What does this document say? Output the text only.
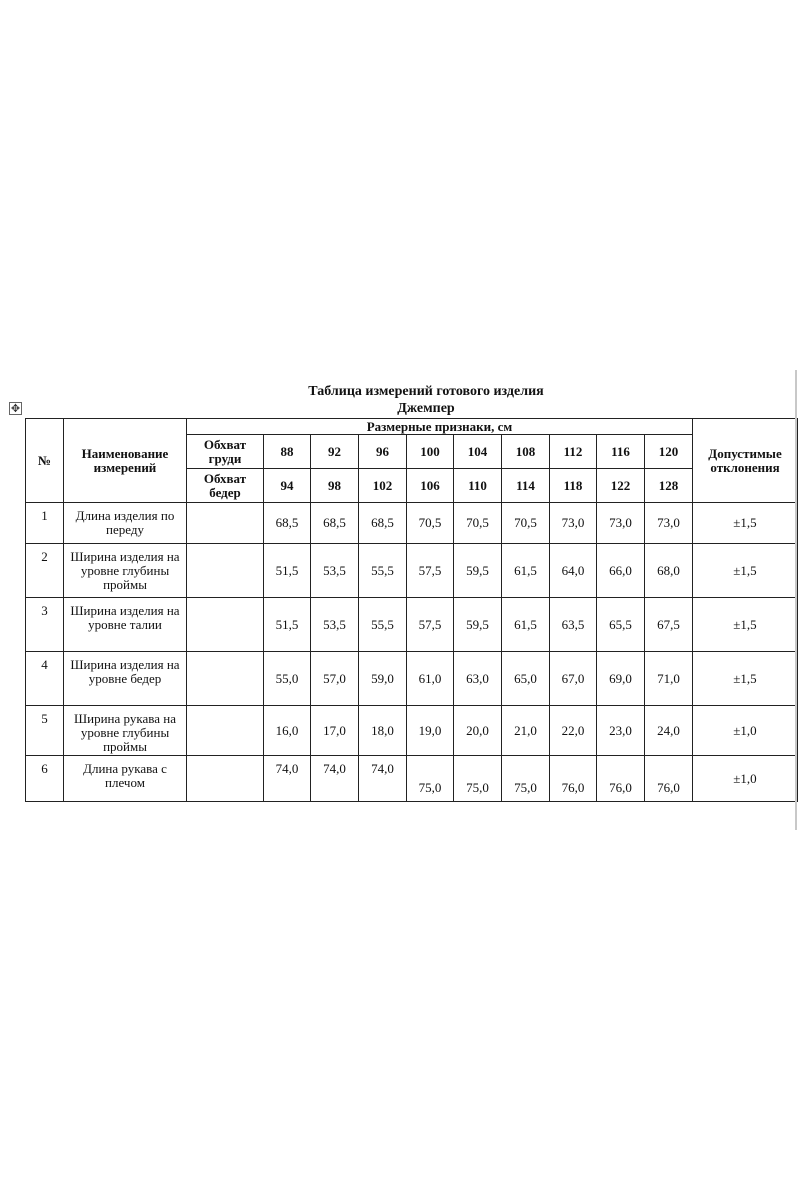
Таблица измерений готового изделия
Джемпер
✥
№	Наименование измерений	Размерные признаки, см										Допустимые отклонения
		Обхват груди	88	92	96	100	104	108	112	116	120	
		Обхват бедер	94	98	102	106	110	114	118	122	128	
1	Длина изделия по переду		68,5	68,5	68,5	70,5	70,5	70,5	73,0	73,0	73,0	±1,5
2	Ширина изделия на уровне глубины проймы		51,5	53,5	55,5	57,5	59,5	61,5	64,0	66,0	68,0	±1,5
3	Ширина изделия на уровне талии		51,5	53,5	55,5	57,5	59,5	61,5	63,5	65,5	67,5	±1,5
4	Ширина изделия на уровне бедер		55,0	57,0	59,0	61,0	63,0	65,0	67,0	69,0	71,0	±1,5
5	Ширина рукава на уровне глубины проймы		16,0	17,0	18,0	19,0	20,0	21,0	22,0	23,0	24,0	±1,0
6	Длина рукава с плечом		74,0	74,0	74,0	75,0	75,0	75,0	76,0	76,0	76,0	±1,0
